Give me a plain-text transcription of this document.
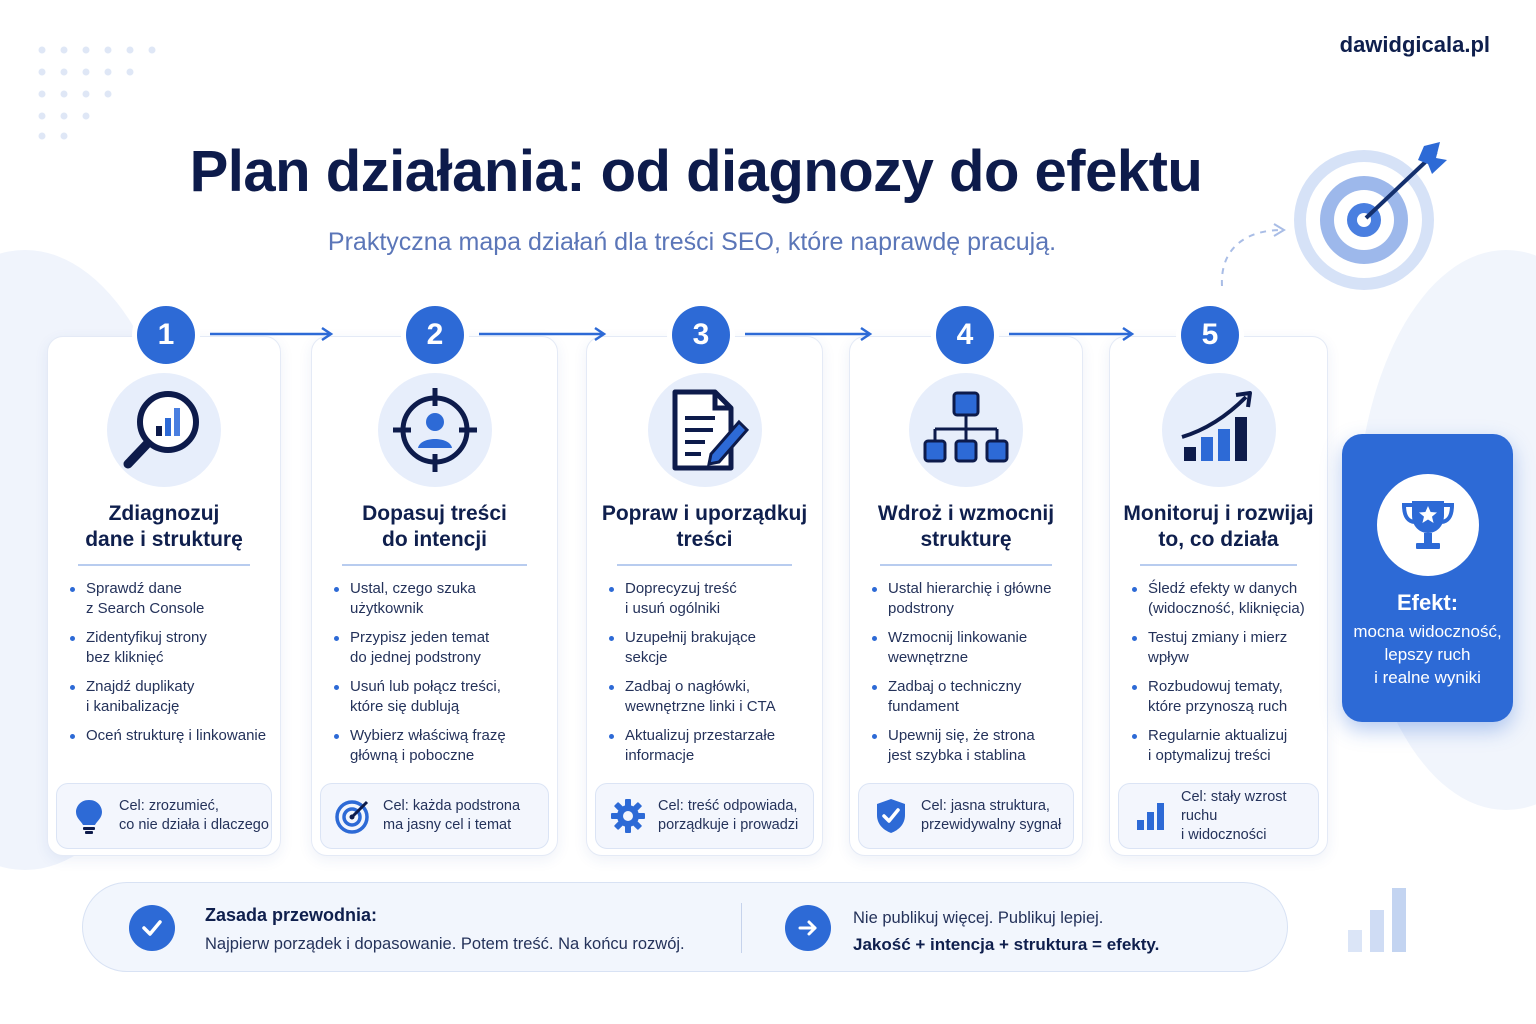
dawidgicala.pl
Plan działania: od diagnozy do efektu
Praktyczna mapa działań dla treści SEO, które naprawdę pracują.
1	2	3	4	5
Zdiagnozuj
dane i strukturę
Sprawdź dane
z Search Console
Zidentyfikuj strony
bez kliknięć
Znajdź duplikaty
i kanibalizację
Oceń strukturę i linkowanie
Cel: zrozumieć,
co nie działa i dlaczego
Dopasuj treści
do intencji
Ustal, czego szuka
użytkownik
Przypisz jeden temat
do jednej podstrony
Usuń lub połącz treści,
które się dublują
Wybierz właściwą frazę
główną i poboczne
Cel: każda podstrona
ma jasny cel i temat
Popraw i uporządkuj
treści
Doprecyzuj treść
i usuń ogólniki
Uzupełnij brakujące
sekcje
Zadbaj o nagłówki,
wewnętrzne linki i CTA
Aktualizuj przestarzałe
informacje
Cel: treść odpowiada,
porządkuje i prowadzi
Wdroż i wzmocnij
strukturę
Ustal hierarchię i główne
podstrony
Wzmocnij linkowanie
wewnętrzne
Zadbaj o techniczny
fundament
Upewnij się, że strona
jest szybka i stablina
Cel: jasna struktura,
przewidywalny sygnał
Monitoruj i rozwijaj
to, co działa
Śledź efekty w danych
(widoczność, kliknięcia)
Testuj zmiany i mierz
wpływ
Rozbudowuj tematy,
które przynoszą ruch
Regularnie aktualizuj
i optymalizuj treści
Cel: stały wzrost ruchu
i widoczności
Efekt:
mocna widoczność,
lepszy ruch
i realne wyniki
Zasada przewodnia:
Najpierw porządek i dopasowanie. Potem treść. Na końcu rozwój.
Nie publikuj więcej. Publikuj lepiej.
Jakość + intencja + struktura = efekty.
